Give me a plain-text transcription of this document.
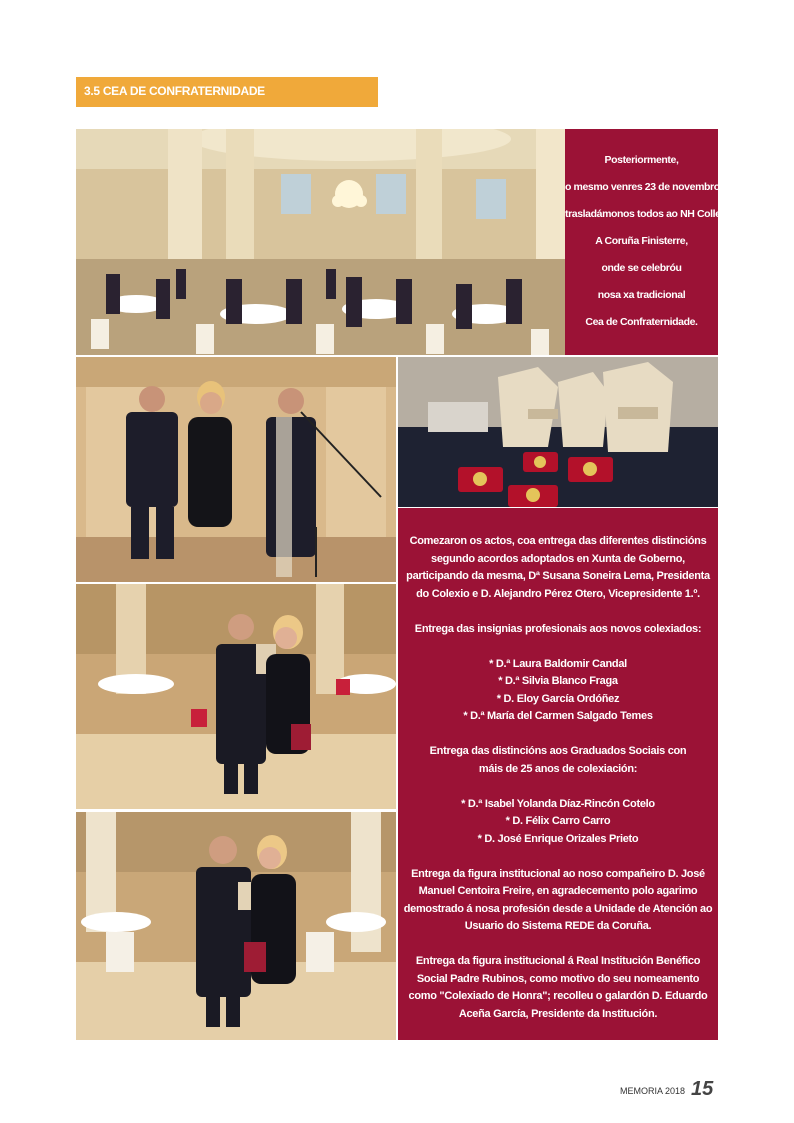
3.5 CEA DE CONFRATERNIDADE
Posteriormente,
o mesmo venres 23 de novembro,
trasladámonos todos ao NH Collection
A Coruña Finisterre,
onde se celebróu
nosa xa tradicional
Cea de Confraternidade.
Comezaron os actos, coa entrega das diferentes distincións
segundo acordos adoptados en Xunta de Goberno,
participando da mesma, Dª Susana Soneira Lema, Presidenta
do Colexio e D. Alejandro Pérez Otero, Vicepresidente 1.º.
Entrega das insignias profesionais aos novos colexiados:
* D.ª Laura Baldomir Candal
* D.ª Silvia Blanco Fraga
* D. Eloy García Ordóñez
* D.ª María del Carmen Salgado Temes
Entrega das distincións aos Graduados Sociais con
máis de 25 anos de colexiación:
* D.ª Isabel Yolanda Díaz-Rincón Cotelo
* D. Félix Carro Carro
* D. José Enrique Orizales Prieto
Entrega da figura institucional ao noso compañeiro D. José
Manuel Centoira Freire, en agradecemento polo agarimo
demostrado á nosa profesión desde a Unidade de Atención ao
Usuario do Sistema REDE da Coruña.
Entrega da figura institucional á Real Institución Benéfico
Social Padre Rubinos, como motivo do seu nomeamento
como "Colexiado de Honra"; recolleu o galardón D. Eduardo
Aceña García, Presidente da Institución.
MEMORIA 2018 15
